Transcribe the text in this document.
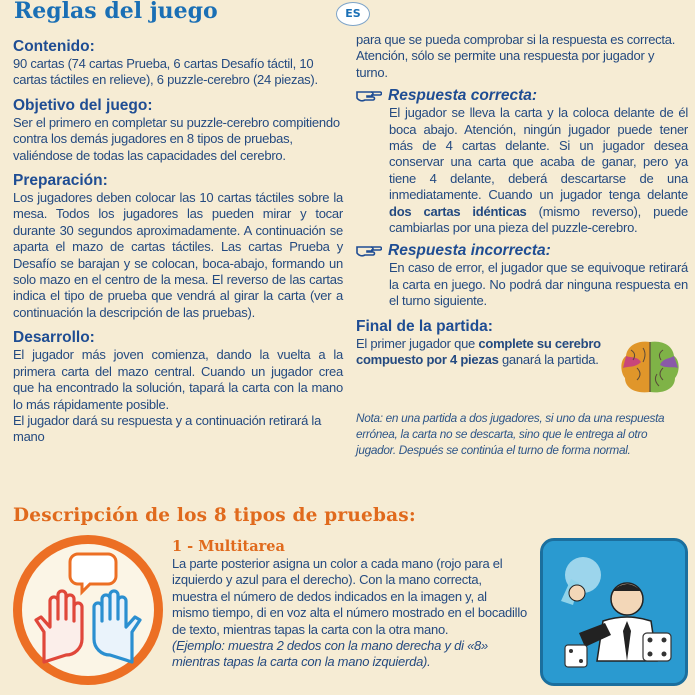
Reglas del juego	ES

Contenido:

90 cartas (74 cartas Prueba, 6 cartas Desafío táctil, 10 cartas táctiles en relieve), 6 puzzle-cerebro (24 piezas).

Objetivo del juego:

Ser el primero en completar su puzzle-cerebro compitiendo contra los demás jugadores en 8 tipos de pruebas, valiéndose de todas las capacidades del cerebro.

Preparación:

Los jugadores deben colocar las 10 cartas táctiles sobre la mesa. Todos los jugadores las pueden mirar y tocar durante 30 segundos aproximadamente. A continuación se aparta el mazo de cartas táctiles. Las cartas Prueba y Desafío se barajan y se colocan, boca-abajo, formando un solo mazo en el centro de la mesa. El reverso de las cartas indica el tipo de prueba que vendrá al girar la carta (ver a continuación la descripción de las pruebas).

Desarrollo:

El jugador más joven comienza, dando la vuelta a la primera carta del mazo central. Cuando un jugador crea que ha encontrado la solución, tapará la carta con la mano lo más rápidamente posible.

El jugador dará su respuesta y a continuación retirará la mano

para que se pueda comprobar si la respuesta es correcta. Atención, sólo se permite una respuesta por jugador y turno.

Respuesta correcta:

El jugador se lleva la carta y la coloca delante de él boca abajo. Atención, ningún jugador puede tener más de 4 cartas delante. Si un jugador desea conservar una carta que acaba de ganar, pero ya tiene 4 delante, deberá descartarse de una inmediatamente. Cuando un jugador tenga delante dos cartas idénticas (mismo reverso), puede cambiarlas por una pieza del puzzle-cerebro.

Respuesta incorrecta:

En caso de error, el jugador que se equivoque retirará la carta en juego. No podrá dar ninguna respuesta en el turno siguiente.

Final de la partida:

El primer jugador que complete su cerebro compuesto por 4 piezas ganará la partida.

Nota: en una partida a dos jugadores, si uno da una respuesta errónea, la carta no se descarta, sino que le entrega al otro jugador. Después se continúa el turno de forma normal.

Descripción de los 8 tipos de pruebas:

1 - Multitarea

La parte posterior asigna un color a cada mano (rojo para el izquierdo y azul para el derecho). Con la mano correcta, muestra el número de dedos indicados en la imagen y, al mismo tiempo, di en voz alta el número mostrado en el bocadillo de texto, mientras tapas la carta con la otra mano.

(Ejemplo: muestra 2 dedos con la mano derecha y di «8» mientras tapas la carta con la mano izquierda).
